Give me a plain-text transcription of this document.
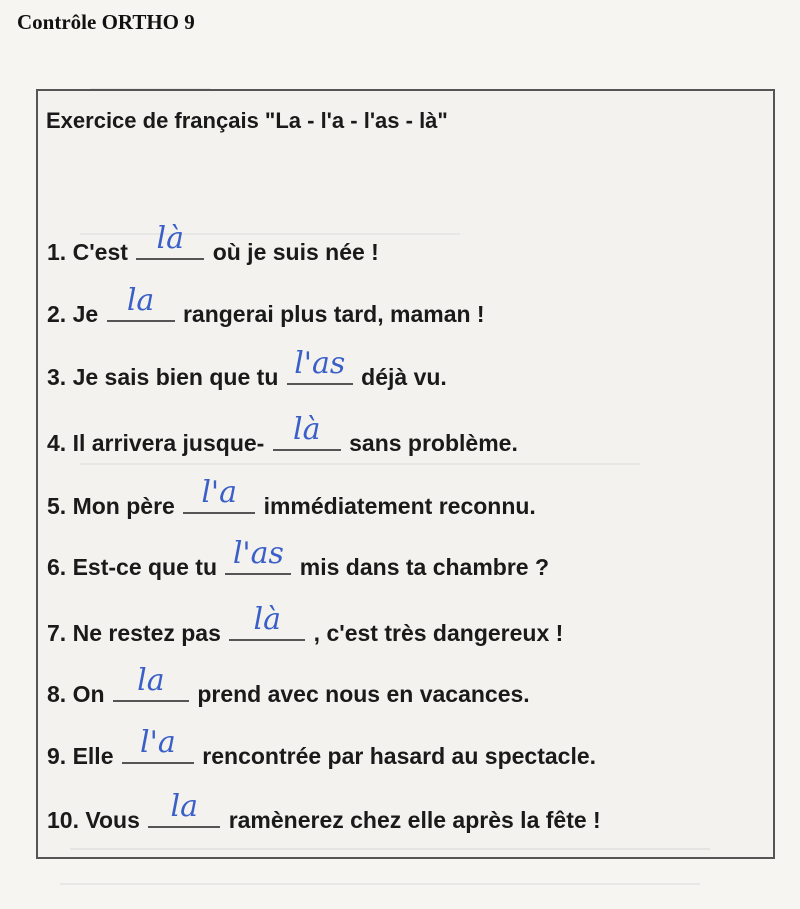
Contrôle ORTHO 9
Exercice de français "La - l'a - l'as - là"
1. C'est là	où je suis née !
2. Je la	rangerai plus tard, maman !
3. Je sais bien que tu l'as déjà vu.
4. Il arrivera jusque- là	sans problème.
5. Mon père l'a	immédiatement reconnu.
6. Est-ce que tu l'as mis dans ta chambre ?
7. Ne restez pas	là	, c'est très dangereux !
8. On	la	prend avec nous en vacances.
9. Elle l'a	rencontrée par hasard au spectacle.
10. Vous	la	ramènerez chez elle après la fête !
